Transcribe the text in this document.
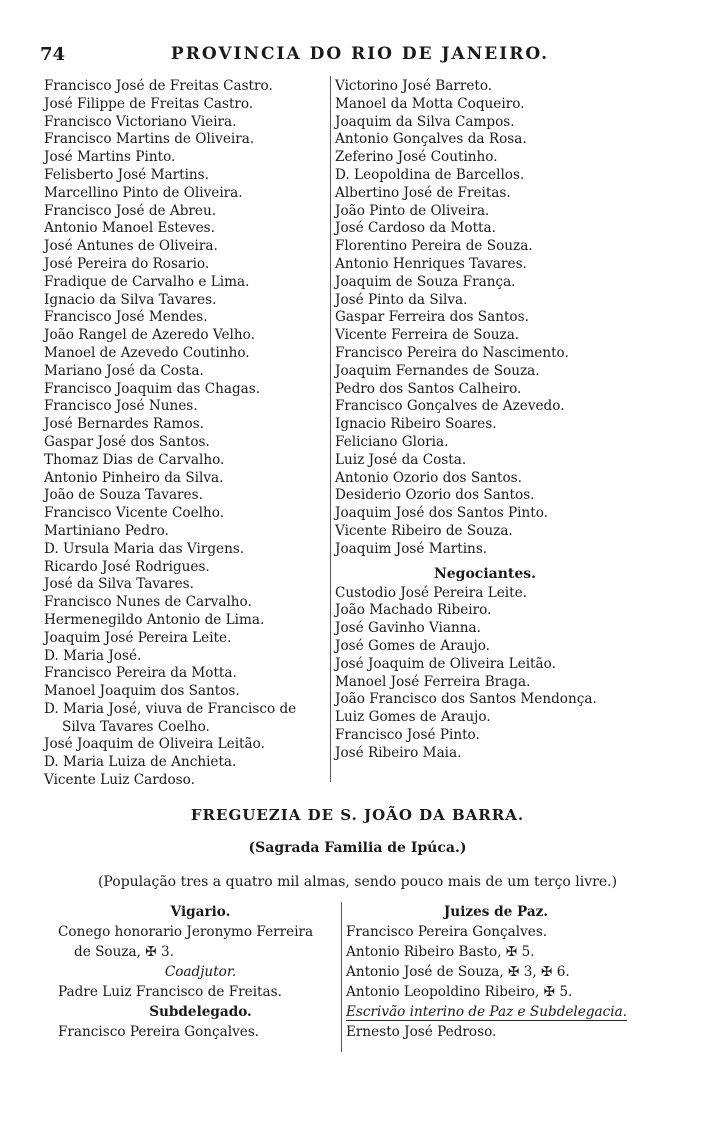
74	PROVINCIA DO RIO DE JANEIRO.
Francisco José de Freitas Castro.
José Filippe de Freitas Castro.
Francisco Victoriano Vieira.
Francisco Martins de Oliveira.
José Martins Pinto.
Felisberto José Martins.
Marcellino Pinto de Oliveira.
Francisco José de Abreu.
Antonio Manoel Esteves.
José Antunes de Oliveira.
José Pereira do Rosario.
Fradique de Carvalho e Lima.
Ignacio da Silva Tavares.
Francisco José Mendes.
João Rangel de Azeredo Velho.
Manoel de Azevedo Coutinho.
Mariano José da Costa.
Francisco Joaquim das Chagas.
Francisco José Nunes.
José Bernardes Ramos.
Gaspar José dos Santos.
Thomaz Dias de Carvalho.
Antonio Pinheiro da Silva.
João de Souza Tavares.
Francisco Vicente Coelho.
Martiniano Pedro.
D. Ursula Maria das Virgens.
Ricardo José Rodrigues.
José da Silva Tavares.
Francisco Nunes de Carvalho.
Hermenegildo Antonio de Lima.
Joaquim José Pereira Leite.
D. Maria José.
Francisco Pereira da Motta.
Manoel Joaquim dos Santos.
D. Maria José, viuva de Francisco de
Silva Tavares Coelho.
José Joaquim de Oliveira Leitão.
D. Maria Luiza de Anchieta.
Vicente Luiz Cardoso.
Victorino José Barreto.
Manoel da Motta Coqueiro.
Joaquim da Silva Campos.
Antonio Gonçalves da Rosa.
Zeferino José Coutinho.
D. Leopoldina de Barcellos.
Albertino José de Freitas.
João Pinto de Oliveira.
José Cardoso da Motta.
Florentino Pereira de Souza.
Antonio Henriques Tavares.
Joaquim de Souza França.
José Pinto da Silva.
Gaspar Ferreira dos Santos.
Vicente Ferreira de Souza.
Francisco Pereira do Nascimento.
Joaquim Fernandes de Souza.
Pedro dos Santos Calheiro.
Francisco Gonçalves de Azevedo.
Ignacio Ribeiro Soares.
Feliciano Gloria.
Luiz José da Costa.
Antonio Ozorio dos Santos.
Desiderio Ozorio dos Santos.
Joaquim José dos Santos Pinto.
Vicente Ribeiro de Souza.
Joaquim José Martins.
Negociantes.
Custodio José Pereira Leite.
João Machado Ribeiro.
José Gavinho Vianna.
José Gomes de Araujo.
José Joaquim de Oliveira Leitão.
Manoel José Ferreira Braga.
João Francisco dos Santos Mendonça.
Luiz Gomes de Araujo.
Francisco José Pinto.
José Ribeiro Maia.
FREGUEZIA DE S. JOÃO DA BARRA.
(Sagrada Familia de Ipúca.)
(População tres a quatro mil almas, sendo pouco mais de um terço livre.)
Vigario.
Conego honorario Jeronymo Ferreira
de Souza, ✠ 3.
Coadjutor.
Padre Luiz Francisco de Freitas.
Subdelegado.
Francisco Pereira Gonçalves.
Juizes de Paz.
Francisco Pereira Gonçalves.
Antonio Ribeiro Basto, ✠ 5.
Antonio José de Souza, ✠ 3, ✠ 6.
Antonio Leopoldino Ribeiro, ✠ 5.
Escrivão interino de Paz e Subdelegacia.
Ernesto José Pedroso.
